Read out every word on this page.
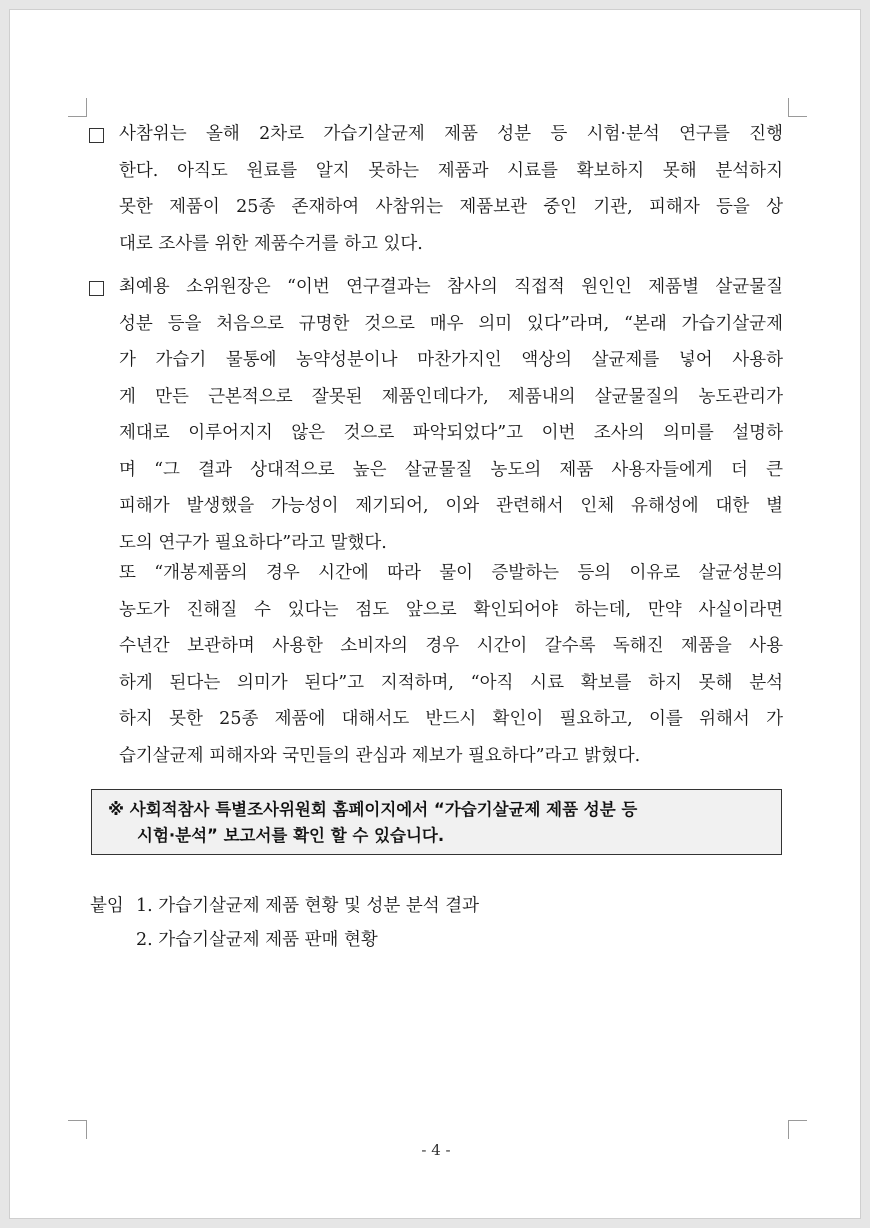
사참위는 올해 2차로 가습기살균제 제품 성분 등 시험·분석 연구를 진행
한다. 아직도 원료를 알지 못하는 제품과 시료를 확보하지 못해 분석하지
못한 제품이 25종 존재하여 사참위는 제품보관 중인 기관, 피해자 등을 상
대로 조사를 위한 제품수거를 하고 있다.
최예용 소위원장은 “이번 연구결과는 참사의 직접적 원인인 제품별 살균물질
성분 등을 처음으로 규명한 것으로 매우 의미 있다”라며, “본래 가습기살균제
가 가습기 물통에 농약성분이나 마찬가지인 액상의 살균제를 넣어 사용하
게 만든 근본적으로 잘못된 제품인데다가, 제품내의 살균물질의 농도관리가
제대로 이루어지지 않은 것으로 파악되었다”고 이번 조사의 의미를 설명하
며 “그 결과 상대적으로 높은 살균물질 농도의 제품 사용자들에게 더 큰
피해가 발생했을 가능성이 제기되어, 이와 관련해서 인체 유해성에 대한 별
도의 연구가 필요하다”라고 말했다.
또 “개봉제품의 경우 시간에 따라 물이 증발하는 등의 이유로 살균성분의
농도가 진해질 수 있다는 점도 앞으로 확인되어야 하는데, 만약 사실이라면
수년간 보관하며 사용한 소비자의 경우 시간이 갈수록 독해진 제품을 사용
하게 된다는 의미가 된다”고 지적하며, “아직 시료 확보를 하지 못해 분석
하지 못한 25종 제품에 대해서도 반드시 확인이 필요하고, 이를 위해서 가
습기살균제 피해자와 국민들의 관심과 제보가 필요하다”라고 밝혔다.
※ 사회적참사 특별조사위원회 홈페이지에서 “가습기살균제 제품 성분 등
시험·분석” 보고서를 확인 할 수 있습니다.
붙임 1. 가습기살균제 제품 현황 및 성분 분석 결과
2. 가습기살균제 제품 판매 현황
- 4 -
